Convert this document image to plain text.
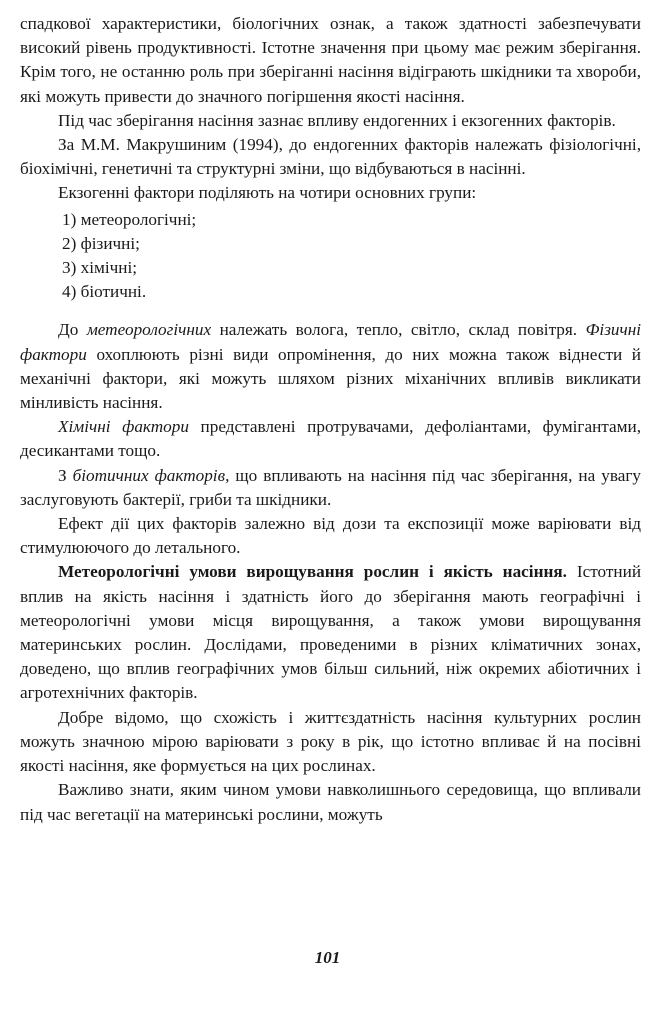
спадкової характеристики, біологічних ознак, а також здатності забезпечувати високий рівень продуктивності. Істотне значення при цьому має режим зберігання. Крім того, не останню роль при зберіганні насіння відіграють шкідники та хвороби, які можуть привести до значного погіршення якості насіння.

Під час зберігання насіння зазнає впливу ендогенних і екзогенних факторів.

За М.М. Макрушиним (1994), до ендогенних факторів належать фізіологічні, біохімічні, генетичні та структурні зміни, що відбуваються в насінні.

Екзогенні фактори поділяють на чотири основних групи:

1) метеорологічні;
2) фізичні;
3) хімічні;
4) біотичні.

До метеорологічних належать волога, тепло, світло, склад повітря. Фізичні фактори охоплюють різні види опромінення, до них можна також віднести й механічні фактори, які можуть шляхом різних міханічних впливів викликати мінливість насіння.

Хімічні фактори представлені протрувачами, дефоліантами, фумігантами, десикантами тощо.

З біотичних факторів, що впливають на насіння під час зберігання, на увагу заслуговують бактерії, гриби та шкідники.

Ефект дії цих факторів залежно від дози та експозиції може варіювати від стимулюючого до летального.

Метеорологічні умови вирощування рослин і якість насіння. Істотний вплив на якість насіння і здатність його до зберігання мають географічні і метеорологічні умови місця вирощування, а також умови вирощування материнських рослин. Дослідами, проведеними в різних кліматичних зонах, доведено, що вплив географічних умов більш сильний, ніж окремих абіотичних і агротехнічних факторів.

Добре відомо, що схожість і життєздатність насіння культурних рослин можуть значною мірою варіювати з року в рік, що істотно впливає й на посівні якості насіння, яке формується на цих рослинах.

Важливо знати, яким чином умови навколишнього середовища, що впливали під час вегетації на материнські рослини, можуть

101
